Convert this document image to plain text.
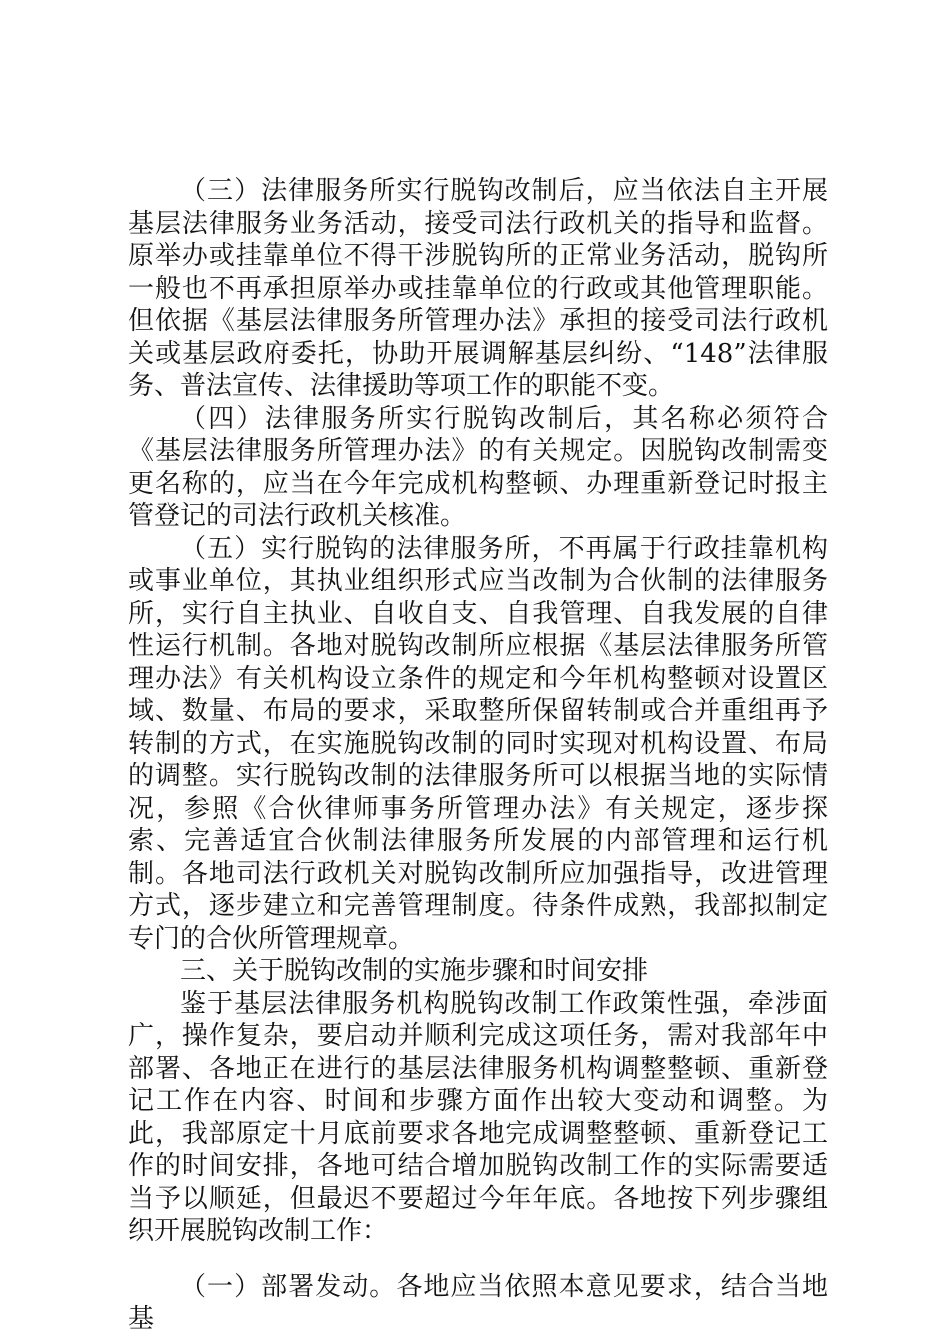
（三）法律服务所实行脱钩改制后，应当依法自主开展基层法律服务业务活动，接受司法行政机关的指导和监督。原举办或挂靠单位不得干涉脱钩所的正常业务活动，脱钩所一般也不再承担原举办或挂靠单位的行政或其他管理职能。但依据《基层法律服务所管理办法》承担的接受司法行政机关或基层政府委托，协助开展调解基层纠纷、“148”法律服务、普法宣传、法律援助等项工作的职能不变。

（四）法律服务所实行脱钩改制后，其名称必须符合《基层法律服务所管理办法》的有关规定。因脱钩改制需变更名称的，应当在今年完成机构整顿、办理重新登记时报主管登记的司法行政机关核准。

（五）实行脱钩的法律服务所，不再属于行政挂靠机构或事业单位，其执业组织形式应当改制为合伙制的法律服务所，实行自主执业、自收自支、自我管理、自我发展的自律性运行机制。各地对脱钩改制所应根据《基层法律服务所管理办法》有关机构设立条件的规定和今年机构整顿对设置区域、数量、布局的要求，采取整所保留转制或合并重组再予转制的方式，在实施脱钩改制的同时实现对机构设置、布局的调整。实行脱钩改制的法律服务所可以根据当地的实际情况，参照《合伙律师事务所管理办法》有关规定，逐步探索、完善适宜合伙制法律服务所发展的内部管理和运行机制。各地司法行政机关对脱钩改制所应加强指导，改进管理方式，逐步建立和完善管理制度。待条件成熟，我部拟制定专门的合伙所管理规章。

三、关于脱钩改制的实施步骤和时间安排

鉴于基层法律服务机构脱钩改制工作政策性强，牵涉面广，操作复杂，要启动并顺利完成这项任务，需对我部年中部署、各地正在进行的基层法律服务机构调整整顿、重新登记工作在内容、时间和步骤方面作出较大变动和调整。为此，我部原定十月底前要求各地完成调整整顿、重新登记工作的时间安排，各地可结合增加脱钩改制工作的实际需要适当予以顺延，但最迟不要超过今年年底。各地按下列步骤组织开展脱钩改制工作：

（一）部署发动。各地应当依照本意见要求，结合当地基
